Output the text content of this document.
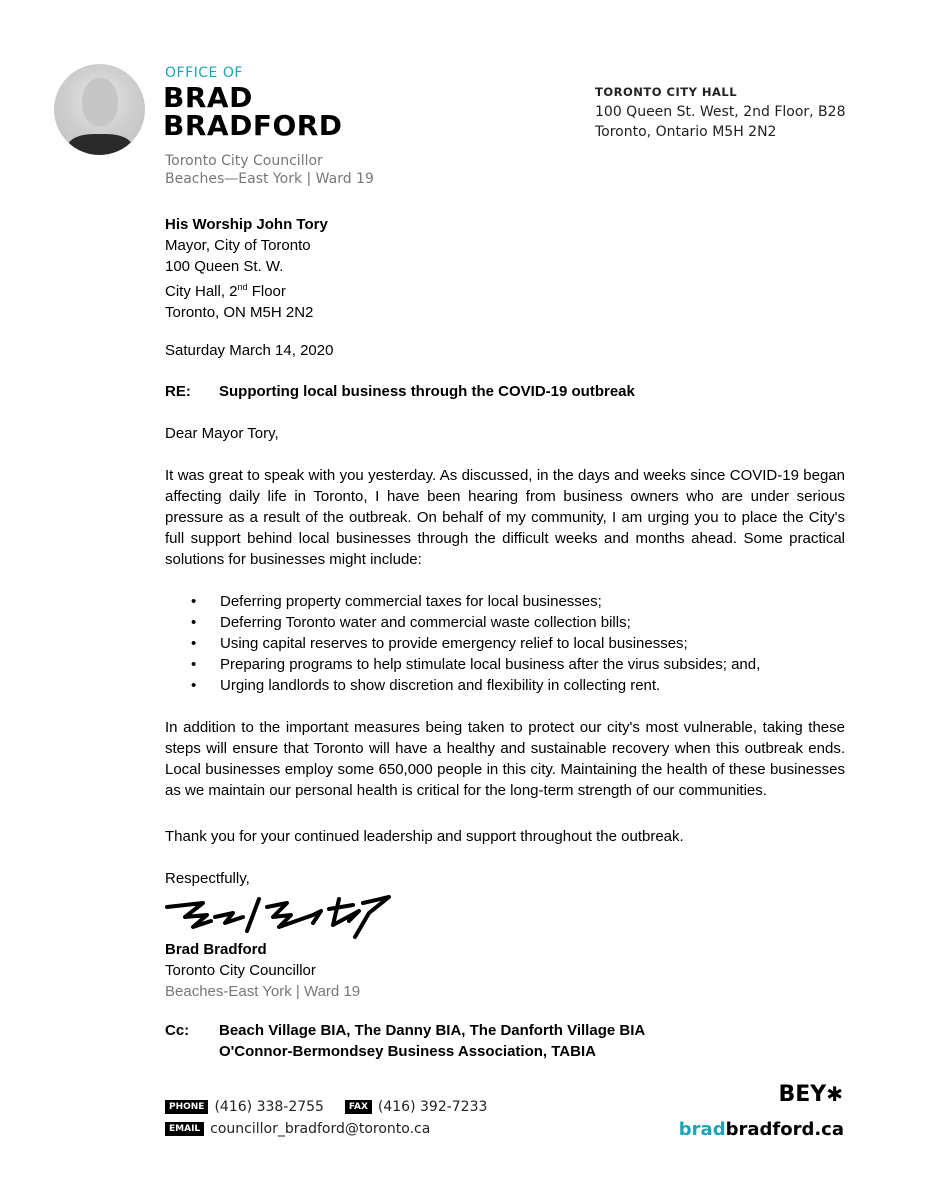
OFFICE OF
BRAD
BRADFORD
Toronto City Councillor
Beaches—East York | Ward 19
TORONTO CITY HALL
100 Queen St. West, 2nd Floor, B28
Toronto, Ontario M5H 2N2
His Worship John Tory
Mayor, City of Toronto
100 Queen St. W.
City Hall, 2nd Floor
Toronto, ON M5H 2N2
Saturday March 14, 2020
RE: Supporting local business through the COVID-19 outbreak
Dear Mayor Tory,
It was great to speak with you yesterday. As discussed, in the days and weeks since COVID-19 began affecting daily life in Toronto, I have been hearing from business owners who are under serious pressure as a result of the outbreak. On behalf of my community, I am urging you to place the City's full support behind local businesses through the difficult weeks and months ahead. Some practical solutions for businesses might include:
• Deferring property commercial taxes for local businesses;
• Deferring Toronto water and commercial waste collection bills;
• Using capital reserves to provide emergency relief to local businesses;
• Preparing programs to help stimulate local business after the virus subsides; and,
• Urging landlords to show discretion and flexibility in collecting rent.
In addition to the important measures being taken to protect our city's most vulnerable, taking these steps will ensure that Toronto will have a healthy and sustainable recovery when this outbreak ends. Local businesses employ some 650,000 people in this city. Maintaining the health of these businesses as we maintain our personal health is critical for the long-term strength of our communities.
Thank you for your continued leadership and support throughout the outbreak.
Respectfully,
Brad Bradford
Toronto City Councillor
Beaches-East York | Ward 19
Cc: Beach Village BIA, The Danny BIA, The Danforth Village BIA
O'Connor-Bermondsey Business Association, TABIA
PHONE (416) 338-2755	FAX (416) 392-7233
EMAIL councillor_bradford@toronto.ca
BEY✱
bradbradford.ca
